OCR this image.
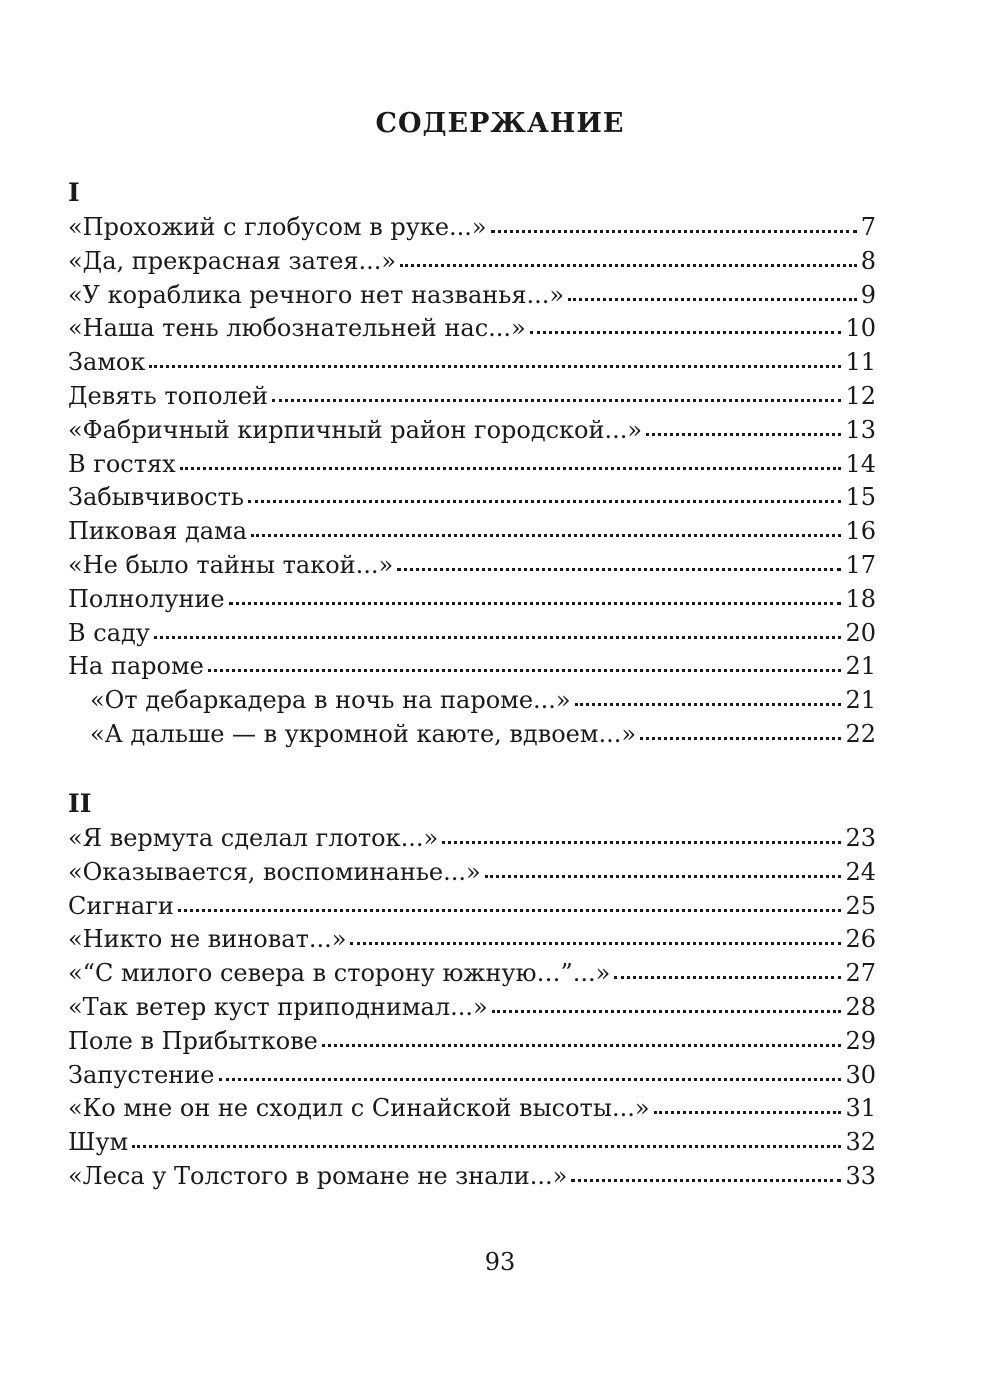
СОДЕРЖАНИЕ
I
«Прохожий с глобусом в руке...»	7
«Да, прекрасная затея...»	8
«У кораблика речного нет названья...»	9
«Наша тень любознательней нас...»	10
Замок	11
Девять тополей	12
«Фабричный кирпичный район городской...»	13
В гостях	14
Забывчивость	15
Пиковая дама	16
«Не было тайны такой...»	17
Полнолуние	18
В саду	20
На пароме	21
«От дебаркадера в ночь на пароме...»	21
«А дальше — в укромной каюте, вдвоем...»	22
II
«Я вермута сделал глоток...»	23
«Оказывается, воспоминанье...»	24
Сигнаги	25
«Никто не виноват...»	26
«“С милого севера в сторону южную…”...»	27
«Так ветер куст приподнимал...»	28
Поле в Прибыткове	29
Запустение	30
«Ко мне он не сходил с Синайской высоты...»	31
Шум	32
«Леса у Толстого в романе не знали...»	33
93
